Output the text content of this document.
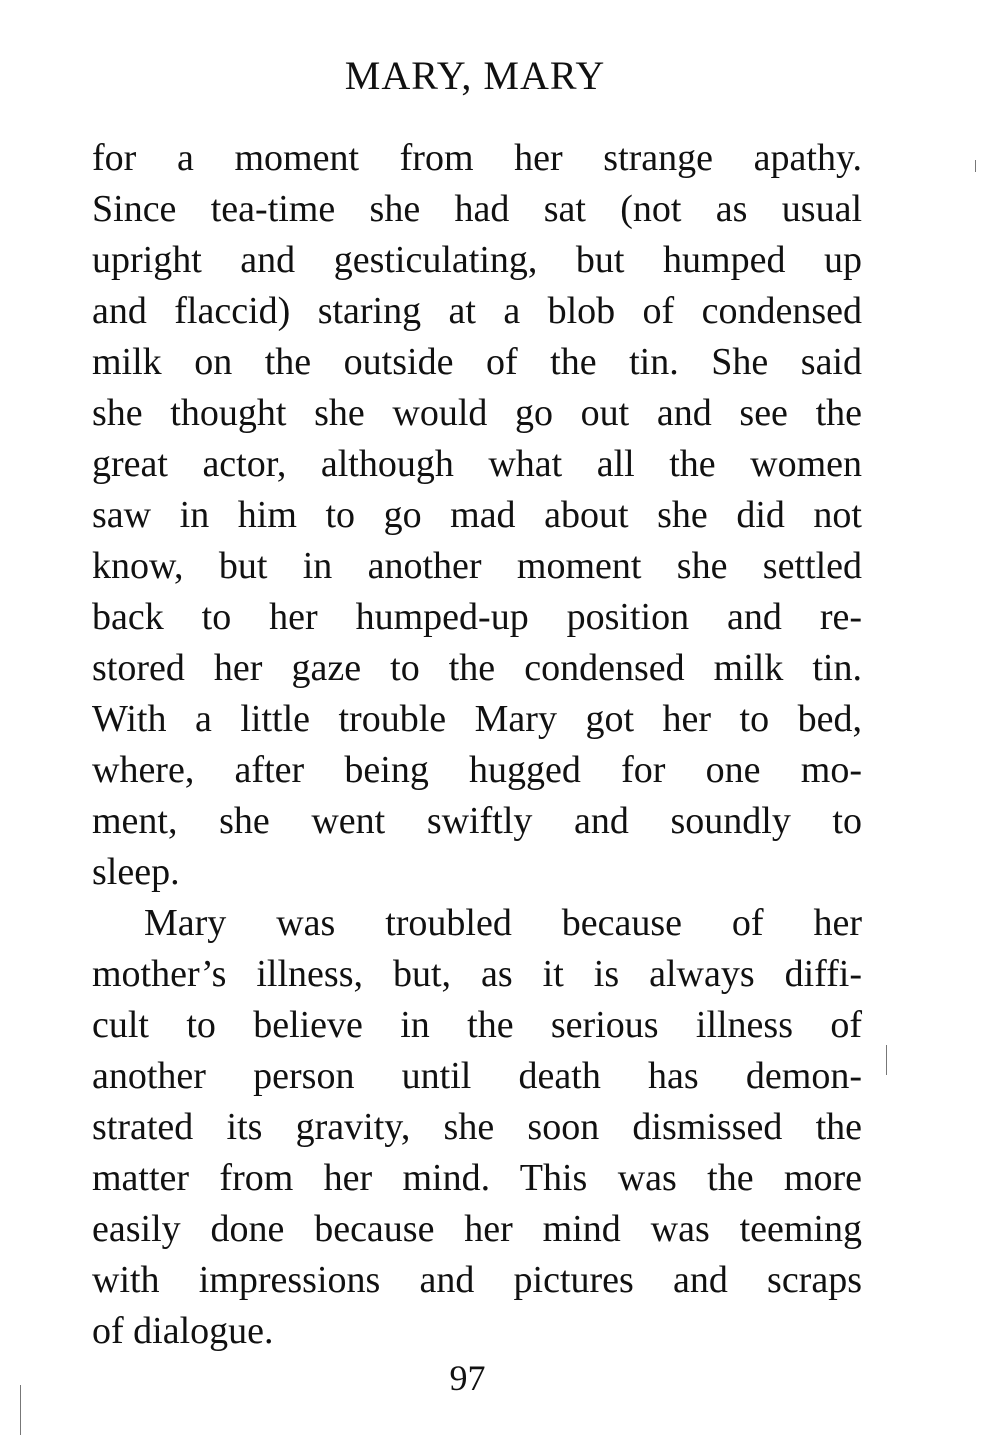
MARY, MARY
for a moment from her strange apathy.
Since tea-time she had sat (not as usual
upright and gesticulating, but humped up
and flaccid) staring at a blob of condensed
milk on the outside of the tin. She said
she thought she would go out and see the
great actor, although what all the women
saw in him to go mad about she did not
know, but in another moment she settled
back to her humped-up position and re-
stored her gaze to the condensed milk tin.
With a little trouble Mary got her to bed,
where, after being hugged for one mo-
ment, she went swiftly and soundly to
sleep.
Mary was troubled because of her
mother’s illness, but, as it is always diffi-
cult to believe in the serious illness of
another person until death has demon-
strated its gravity, she soon dismissed the
matter from her mind. This was the more
easily done because her mind was teeming
with impressions and pictures and scraps
of dialogue.
97
